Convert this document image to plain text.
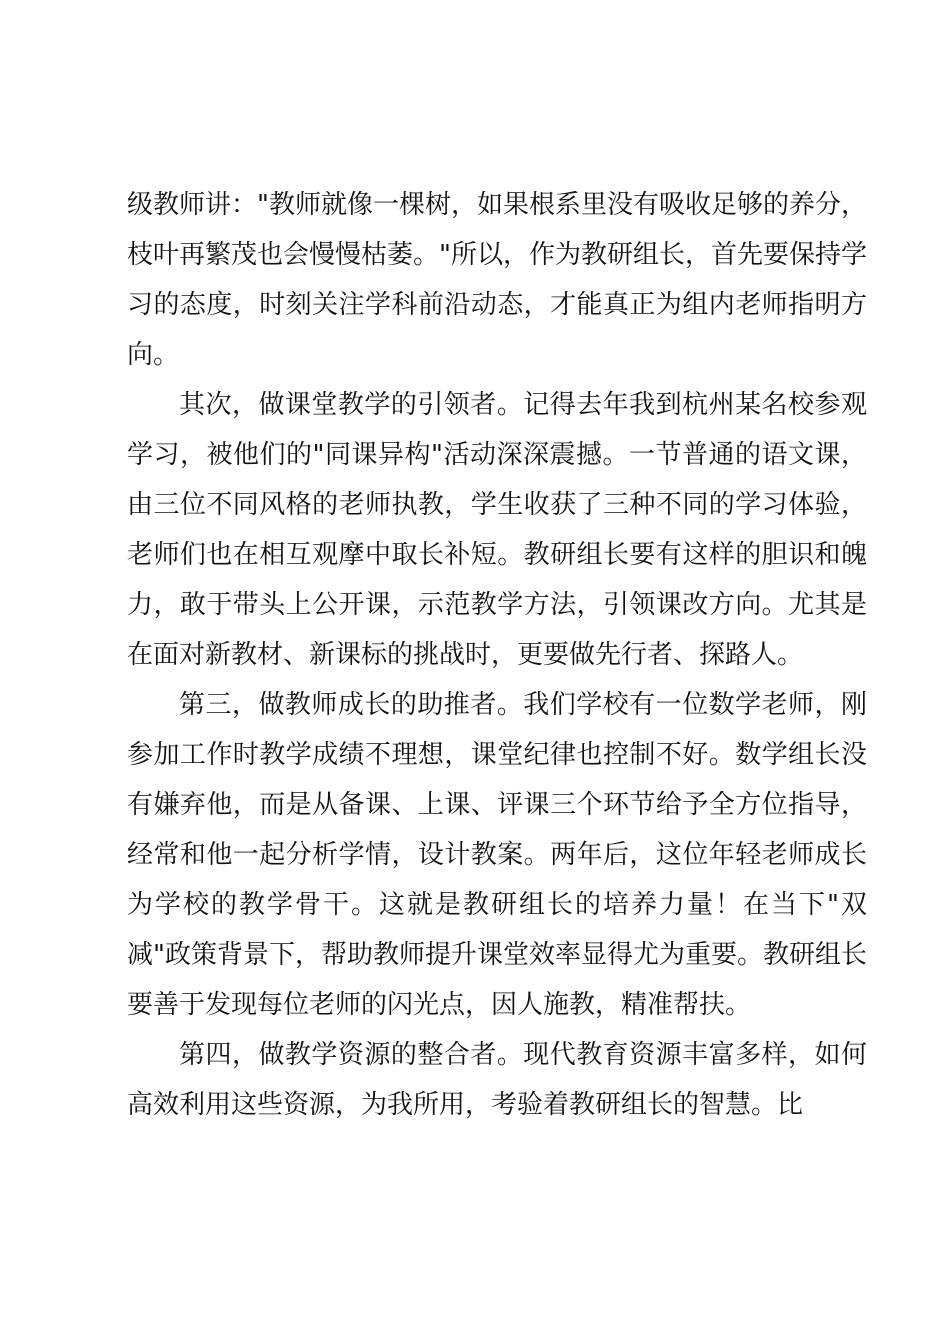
级教师讲："教师就像一棵树，如果根系里没有吸收足够的养分，枝叶再繁茂也会慢慢枯萎。"所以，作为教研组长，首先要保持学习的态度，时刻关注学科前沿动态，才能真正为组内老师指明方向。

其次，做课堂教学的引领者。记得去年我到杭州某名校参观学习，被他们的"同课异构"活动深深震撼。一节普通的语文课，由三位不同风格的老师执教，学生收获了三种不同的学习体验，老师们也在相互观摩中取长补短。教研组长要有这样的胆识和魄力，敢于带头上公开课，示范教学方法，引领课改方向。尤其是在面对新教材、新课标的挑战时，更要做先行者、探路人。

第三，做教师成长的助推者。我们学校有一位数学老师，刚参加工作时教学成绩不理想，课堂纪律也控制不好。数学组长没有嫌弃他，而是从备课、上课、评课三个环节给予全方位指导，经常和他一起分析学情，设计教案。两年后，这位年轻老师成长为学校的教学骨干。这就是教研组长的培养力量！在当下"双减"政策背景下，帮助教师提升课堂效率显得尤为重要。教研组长要善于发现每位老师的闪光点，因人施教，精准帮扶。

第四，做教学资源的整合者。现代教育资源丰富多样，如何高效利用这些资源，为我所用，考验着教研组长的智慧。比
